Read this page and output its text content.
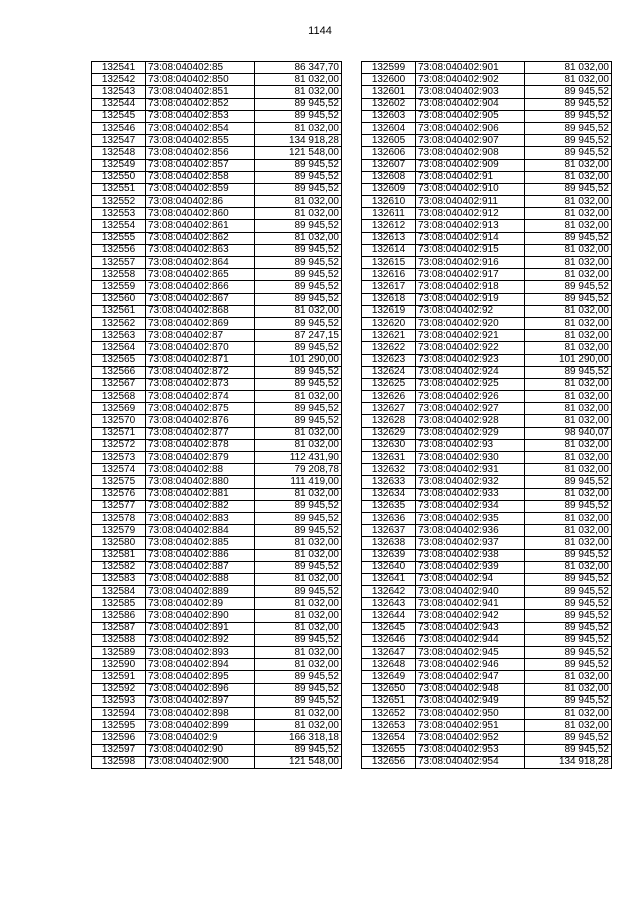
1144
132541	73:08:040402:85	86 347,70
132542	73:08:040402:850	81 032,00
132543	73:08:040402:851	81 032,00
132544	73:08:040402:852	89 945,52
132545	73:08:040402:853	89 945,52
132546	73:08:040402:854	81 032,00
132547	73:08:040402:855	134 918,28
132548	73:08:040402:856	121 548,00
132549	73:08:040402:857	89 945,52
132550	73:08:040402:858	89 945,52
132551	73:08:040402:859	89 945,52
132552	73:08:040402:86	81 032,00
132553	73:08:040402:860	81 032,00
132554	73:08:040402:861	89 945,52
132555	73:08:040402:862	81 032,00
132556	73:08:040402:863	89 945,52
132557	73:08:040402:864	89 945,52
132558	73:08:040402:865	89 945,52
132559	73:08:040402:866	89 945,52
132560	73:08:040402:867	89 945,52
132561	73:08:040402:868	81 032,00
132562	73:08:040402:869	89 945,52
132563	73:08:040402:87	87 247,15
132564	73:08:040402:870	89 945,52
132565	73:08:040402:871	101 290,00
132566	73:08:040402:872	89 945,52
132567	73:08:040402:873	89 945,52
132568	73:08:040402:874	81 032,00
132569	73:08:040402:875	89 945,52
132570	73:08:040402:876	89 945,52
132571	73:08:040402:877	81 032,00
132572	73:08:040402:878	81 032,00
132573	73:08:040402:879	112 431,90
132574	73:08:040402:88	79 208,78
132575	73:08:040402:880	111 419,00
132576	73:08:040402:881	81 032,00
132577	73:08:040402:882	89 945,52
132578	73:08:040402:883	89 945,52
132579	73:08:040402:884	89 945,52
132580	73:08:040402:885	81 032,00
132581	73:08:040402:886	81 032,00
132582	73:08:040402:887	89 945,52
132583	73:08:040402:888	81 032,00
132584	73:08:040402:889	89 945,52
132585	73:08:040402:89	81 032,00
132586	73:08:040402:890	81 032,00
132587	73:08:040402:891	81 032,00
132588	73:08:040402:892	89 945,52
132589	73:08:040402:893	81 032,00
132590	73:08:040402:894	81 032,00
132591	73:08:040402:895	89 945,52
132592	73:08:040402:896	89 945,52
132593	73:08:040402:897	89 945,52
132594	73:08:040402:898	81 032,00
132595	73:08:040402:899	81 032,00
132596	73:08:040402:9	166 318,18
132597	73:08:040402:90	89 945,52
132598	73:08:040402:900	121 548,00
132599	73:08:040402:901	81 032,00
132600	73:08:040402:902	81 032,00
132601	73:08:040402:903	89 945,52
132602	73:08:040402:904	89 945,52
132603	73:08:040402:905	89 945,52
132604	73:08:040402:906	89 945,52
132605	73:08:040402:907	89 945,52
132606	73:08:040402:908	89 945,52
132607	73:08:040402:909	81 032,00
132608	73:08:040402:91	81 032,00
132609	73:08:040402:910	89 945,52
132610	73:08:040402:911	81 032,00
132611	73:08:040402:912	81 032,00
132612	73:08:040402:913	81 032,00
132613	73:08:040402:914	89 945,52
132614	73:08:040402:915	81 032,00
132615	73:08:040402:916	81 032,00
132616	73:08:040402:917	81 032,00
132617	73:08:040402:918	89 945,52
132618	73:08:040402:919	89 945,52
132619	73:08:040402:92	81 032,00
132620	73:08:040402:920	81 032,00
132621	73:08:040402:921	81 032,00
132622	73:08:040402:922	81 032,00
132623	73:08:040402:923	101 290,00
132624	73:08:040402:924	89 945,52
132625	73:08:040402:925	81 032,00
132626	73:08:040402:926	81 032,00
132627	73:08:040402:927	81 032,00
132628	73:08:040402:928	81 032,00
132629	73:08:040402:929	98 940,07
132630	73:08:040402:93	81 032,00
132631	73:08:040402:930	81 032,00
132632	73:08:040402:931	81 032,00
132633	73:08:040402:932	89 945,52
132634	73:08:040402:933	81 032,00
132635	73:08:040402:934	89 945,52
132636	73:08:040402:935	81 032,00
132637	73:08:040402:936	81 032,00
132638	73:08:040402:937	81 032,00
132639	73:08:040402:938	89 945,52
132640	73:08:040402:939	81 032,00
132641	73:08:040402:94	89 945,52
132642	73:08:040402:940	89 945,52
132643	73:08:040402:941	89 945,52
132644	73:08:040402:942	89 945,52
132645	73:08:040402:943	89 945,52
132646	73:08:040402:944	89 945,52
132647	73:08:040402:945	89 945,52
132648	73:08:040402:946	89 945,52
132649	73:08:040402:947	81 032,00
132650	73:08:040402:948	81 032,00
132651	73:08:040402:949	89 945,52
132652	73:08:040402:950	81 032,00
132653	73:08:040402:951	81 032,00
132654	73:08:040402:952	89 945,52
132655	73:08:040402:953	89 945,52
132656	73:08:040402:954	134 918,28
